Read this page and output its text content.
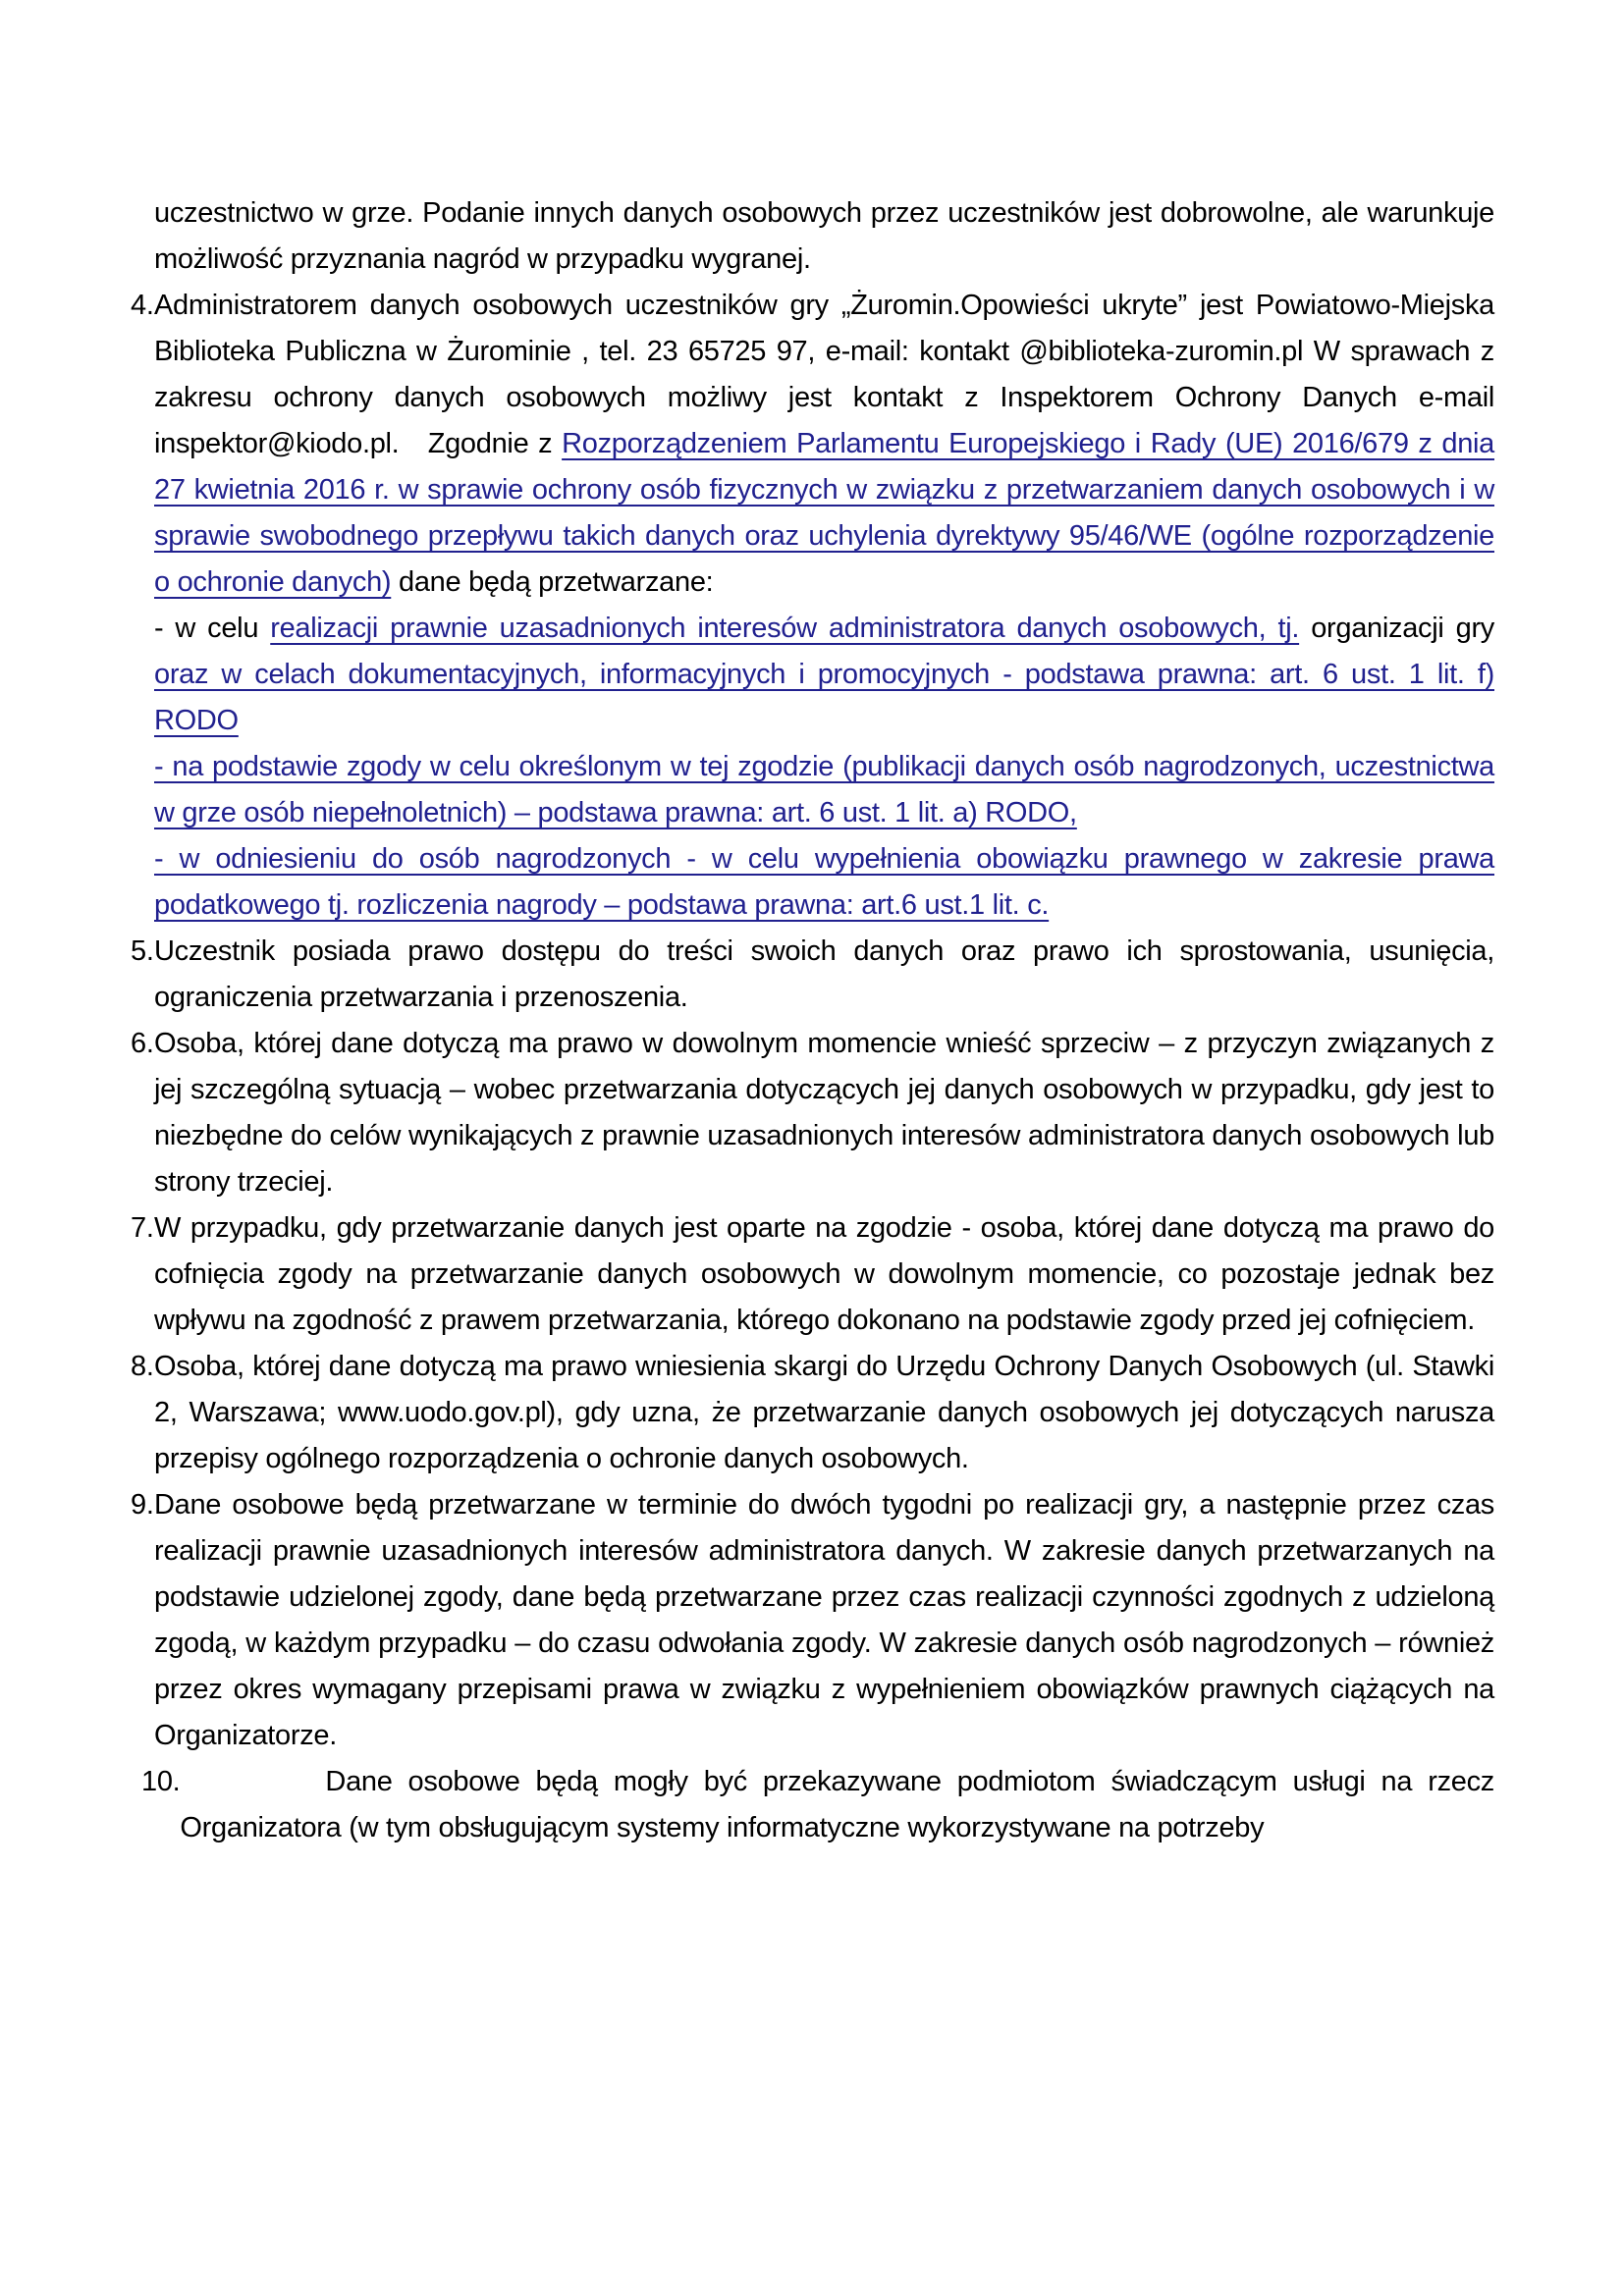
uczestnictwo w grze. Podanie innych danych osobowych przez uczestników jest dobrowolne, ale warunkuje możliwość przyznania nagród w przypadku wygranej.

4. Administratorem danych osobowych uczestników gry „Żuromin.Opowieści ukryte” jest Powiatowo-Miejska Biblioteka Publiczna w Żurominie , tel. 23 65725 97, e-mail: kontakt @biblioteka-zuromin.pl W sprawach z zakresu ochrony danych osobowych możliwy jest kontakt z Inspektorem Ochrony Danych e-mail inspektor@kiodo.pl.   Zgodnie z Rozporządzeniem Parlamentu Europejskiego i Rady (UE) 2016/679 z dnia 27 kwietnia 2016 r. w sprawie ochrony osób fizycznych w związku z przetwarzaniem danych osobowych i w sprawie swobodnego przepływu takich danych oraz uchylenia dyrektywy 95/46/WE (ogólne rozporządzenie o ochronie danych) dane będą przetwarzane:

- w celu realizacji prawnie uzasadnionych interesów administratora danych osobowych, tj. organizacji gry oraz w celach dokumentacyjnych, informacyjnych i promocyjnych - podstawa prawna: art. 6 ust. 1 lit. f) RODO

- na podstawie zgody w celu określonym w tej zgodzie (publikacji danych osób nagrodzonych, uczestnictwa w grze osób niepełnoletnich) – podstawa prawna: art. 6 ust. 1 lit. a) RODO,

- w odniesieniu do osób nagrodzonych - w celu wypełnienia obowiązku prawnego w zakresie prawa podatkowego tj. rozliczenia nagrody – podstawa prawna: art.6 ust.1 lit. c.

5. Uczestnik posiada prawo dostępu do treści swoich danych oraz prawo ich sprostowania, usunięcia, ograniczenia przetwarzania i przenoszenia.

6. Osoba, której dane dotyczą ma prawo w dowolnym momencie wnieść sprzeciw – z przyczyn związanych z jej szczególną sytuacją – wobec przetwarzania dotyczących jej danych osobowych w przypadku, gdy jest to niezbędne do celów wynikających z prawnie uzasadnionych interesów administratora danych osobowych lub strony trzeciej.

7. W przypadku, gdy przetwarzanie danych jest oparte na zgodzie - osoba, której dane dotyczą ma prawo do cofnięcia zgody na przetwarzanie danych osobowych w dowolnym momencie, co pozostaje jednak bez wpływu na zgodność z prawem przetwarzania, którego dokonano na podstawie zgody przed jej cofnięciem.

8. Osoba, której dane dotyczą ma prawo wniesienia skargi do Urzędu Ochrony Danych Osobowych (ul. Stawki 2, Warszawa; www.uodo.gov.pl), gdy uzna, że przetwarzanie danych osobowych jej dotyczących narusza przepisy ogólnego rozporządzenia o ochronie danych osobowych.

9. Dane osobowe będą przetwarzane w terminie do dwóch tygodni po realizacji gry, a następnie przez czas realizacji prawnie uzasadnionych interesów administratora danych. W zakresie danych przetwarzanych na podstawie udzielonej zgody, dane będą przetwarzane przez czas realizacji czynności zgodnych z udzieloną zgodą, w każdym przypadku – do czasu odwołania zgody. W zakresie danych osób nagrodzonych – również przez okres wymagany przepisami prawa w związku z wypełnieniem obowiązków prawnych ciążących na Organizatorze.

10.	Dane osobowe będą mogły być przekazywane podmiotom świadczącym usługi na rzecz Organizatora (w tym obsługującym systemy informatyczne wykorzystywane na potrzeby
